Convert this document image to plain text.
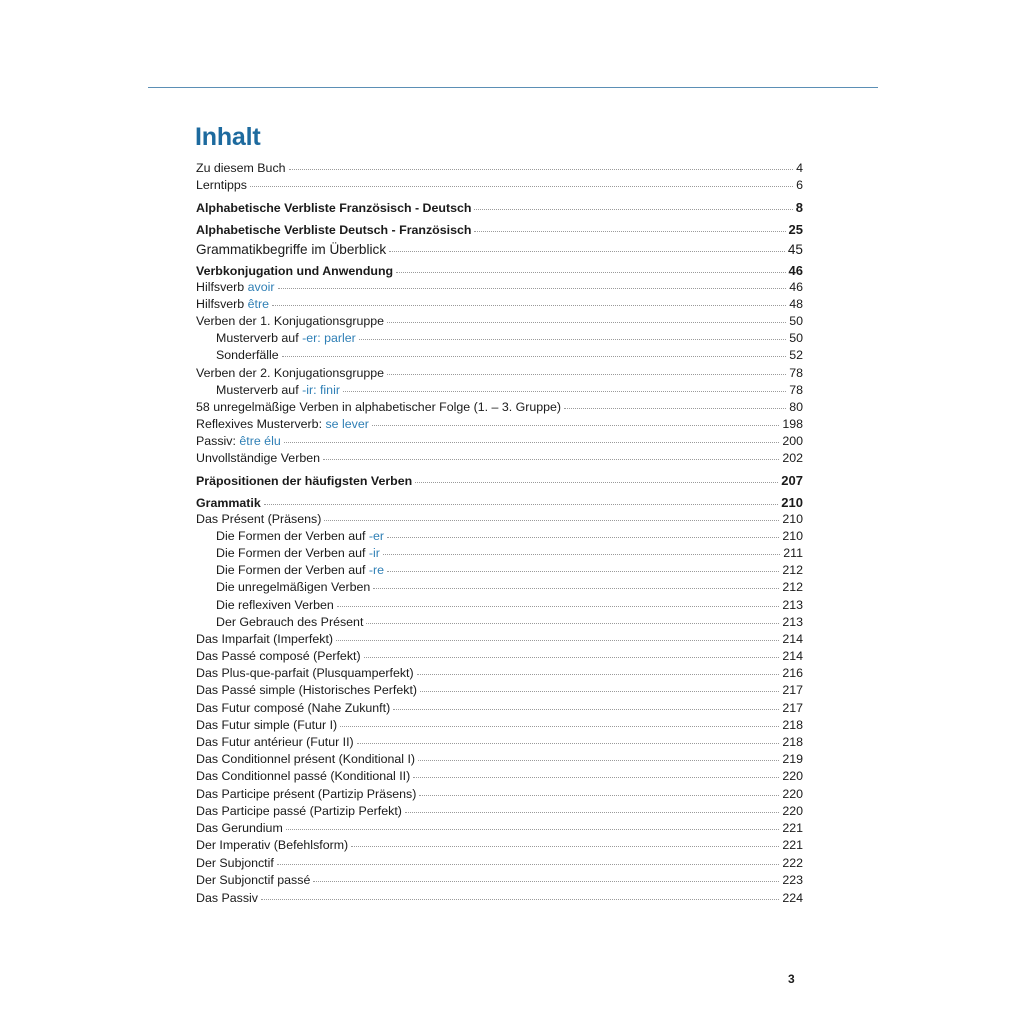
Inhalt
Zu diesem Buch	4
Lerntipps	6
Alphabetische Verbliste Französisch - Deutsch	8
Alphabetische Verbliste Deutsch - Französisch	25
Grammatikbegriffe im Überblick	45
Verbkonjugation und Anwendung	46
Hilfsverb avoir	46
Hilfsverb être	48
Verben der 1. Konjugationsgruppe	50
Musterverb auf -er: parler	50
Sonderfälle	52
Verben der 2. Konjugationsgruppe	78
Musterverb auf -ir: finir	78
58 unregelmäßige Verben in alphabetischer Folge (1. – 3. Gruppe)	80
Reflexives Musterverb: se lever	198
Passiv: être élu	200
Unvollständige Verben	202
Präpositionen der häufigsten Verben	207
Grammatik	210
Das Présent (Präsens)	210
Die Formen der Verben auf -er	210
Die Formen der Verben auf -ir	211
Die Formen der Verben auf -re	212
Die unregelmäßigen Verben	212
Die reflexiven Verben	213
Der Gebrauch des Présent	213
Das Imparfait (Imperfekt)	214
Das Passé composé (Perfekt)	214
Das Plus-que-parfait (Plusquamperfekt)	216
Das Passé simple (Historisches Perfekt)	217
Das Futur composé (Nahe Zukunft)	217
Das Futur simple (Futur I)	218
Das Futur antérieur (Futur II)	218
Das Conditionnel présent (Konditional I)	219
Das Conditionnel passé (Konditional II)	220
Das Participe présent (Partizip Präsens)	220
Das Participe passé (Partizip Perfekt)	220
Das Gerundium	221
Der Imperativ (Befehlsform)	221
Der Subjonctif	222
Der Subjonctif passé	223
Das Passiv	224
3
